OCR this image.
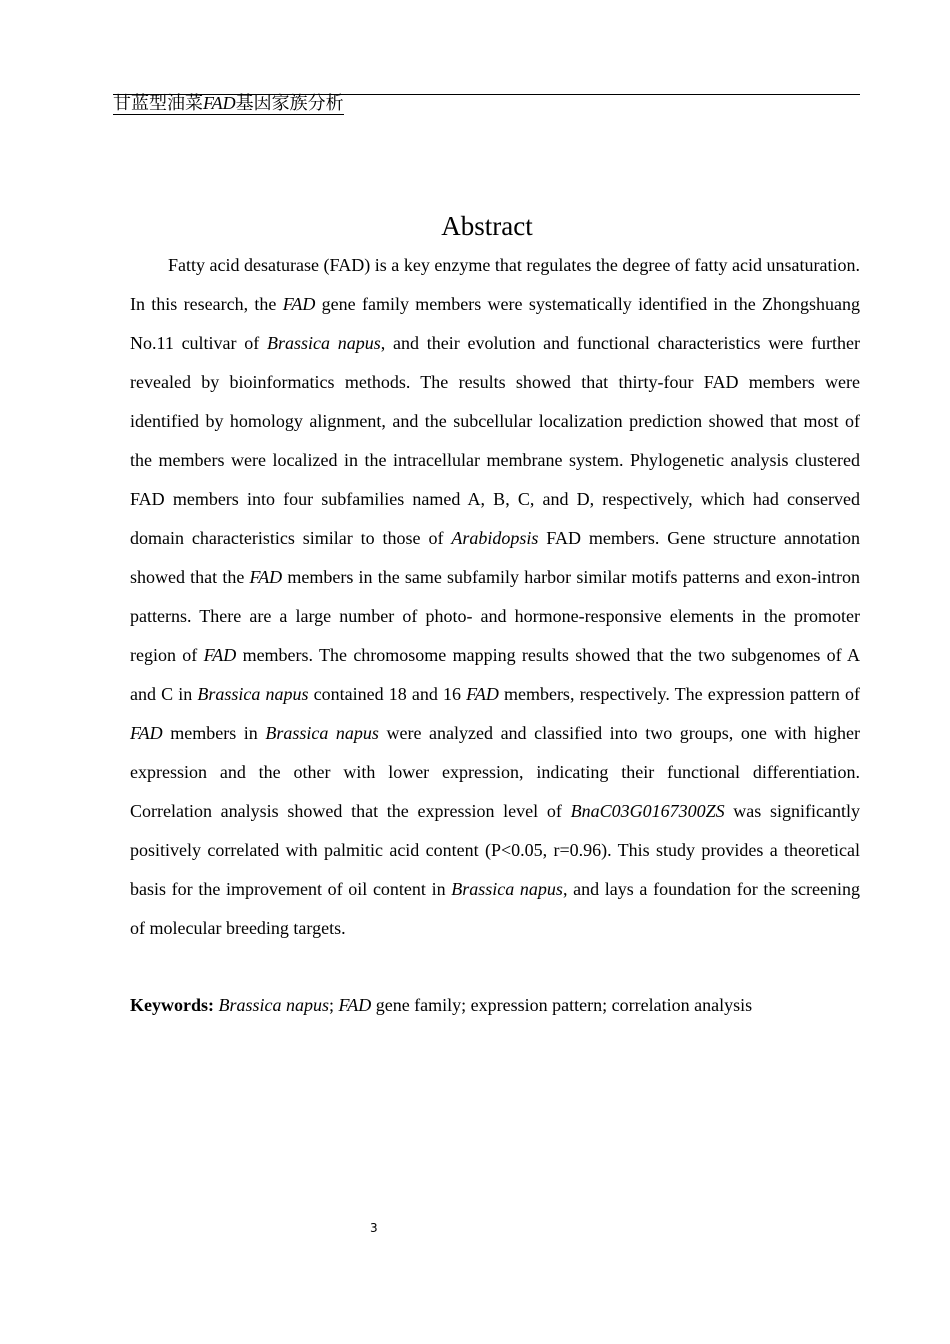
甘蓝型油菜FAD基因家族分析
Abstract

Fatty acid desaturase (FAD) is a key enzyme that regulates the degree of fatty acid unsaturation. In this research, the FAD gene family members were systematically identified in the Zhongshuang No.11 cultivar of Brassica napus, and their evolution and functional characteristics were further revealed by bioinformatics methods. The results showed that thirty-four FAD members were identified by homology alignment, and the subcellular localization prediction showed that most of the members were localized in the intracellular membrane system. Phylogenetic analysis clustered FAD members into four subfamilies named A, B, C, and D, respectively, which had conserved domain characteristics similar to those of Arabidopsis FAD members. Gene structure annotation showed that the FAD members in the same subfamily harbor similar motifs patterns and exon-intron patterns. There are a large number of photo- and hormone-responsive elements in the promoter region of FAD members. The chromosome mapping results showed that the two subgenomes of A and C in Brassica napus contained 18 and 16 FAD members, respectively. The expression pattern of FAD members in Brassica napus were analyzed and classified into two groups, one with higher expression and the other with lower expression, indicating their functional differentiation. Correlation analysis showed that the expression level of BnaC03G0167300ZS was significantly positively correlated with palmitic acid content (P<0.05, r=0.96). This study provides a theoretical basis for the improvement of oil content in Brassica napus, and lays a foundation for the screening of molecular breeding targets.

Keywords: Brassica napus; FAD gene family; expression pattern; correlation analysis
3
